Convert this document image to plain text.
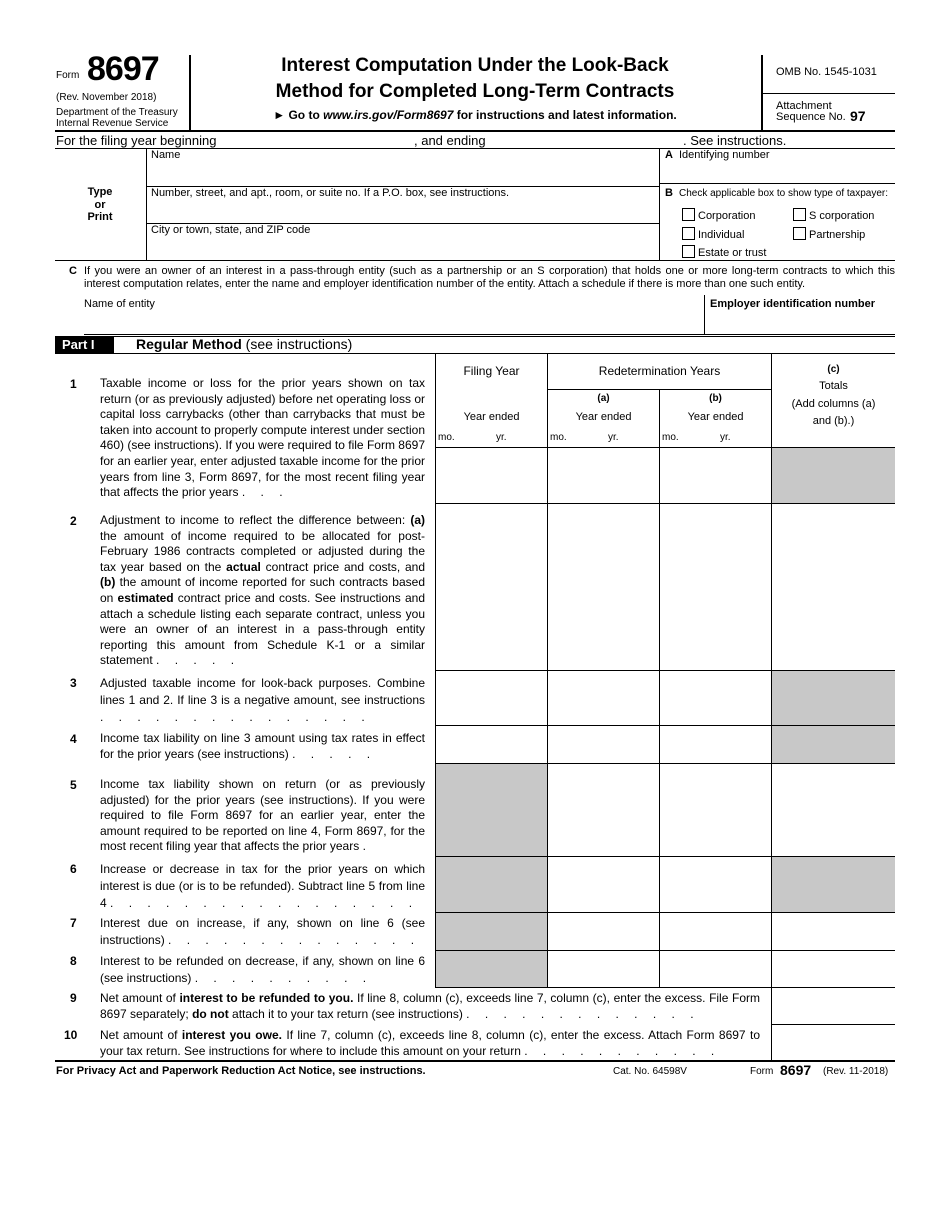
Form 8697
(Rev. November 2018)
Department of the Treasury
Internal Revenue Service
Interest Computation Under the Look-Back
Method for Completed Long-Term Contracts
► Go to www.irs.gov/Form8697 for instructions and latest information.
OMB No. 1545-1031
Attachment
Sequence No. 97
For the filing year beginning	, and ending	. See instructions.
Type
or
Print
Name
Number, street, and apt., room, or suite no. If a P.O. box, see instructions.
City or town, state, and ZIP code
A Identifying number
B Check applicable box to show type of taxpayer:
Corporation	S corporation
Individual	Partnership
Estate or trust
C If you were an owner of an interest in a pass-through entity (such as a partnership or an S corporation) that holds one or more long-term contracts to which this interest computation relates, enter the name and employer identification number of the entity. Attach a schedule if there is more than one such entity.
Name of entity	Employer identification number
Part I	Regular Method (see instructions)
Filing Year	Redetermination Years
(a)	(b)
(c)
Totals
(Add columns (a)
and (b).)
Year ended	Year ended	Year ended
mo.	yr.	mo.	yr.	mo.	yr.
1 Taxable income or loss for the prior years shown on tax return (or as previously adjusted) before net operating loss or capital loss carrybacks (other than carrybacks that must be taken into account to properly compute interest under section 460) (see instructions). If you were required to file Form 8697 for an earlier year, enter adjusted taxable income for the prior years from line 3, Form 8697, for the most recent filing year that affects the prior years . . .
2 Adjustment to income to reflect the difference between: (a) the amount of income required to be allocated for post-February 1986 contracts completed or adjusted during the tax year based on the actual contract price and costs, and (b) the amount of income reported for such contracts based on estimated contract price and costs. See instructions and attach a schedule listing each separate contract, unless you were an owner of an interest in a pass-through entity reporting this amount from Schedule K-1 or a similar statement . . . . .
3 Adjusted taxable income for look-back purposes. Combine lines 1 and 2. If line 3 is a negative amount, see instructions . . . . . . . . . . . . . . .
4 Income tax liability on line 3 amount using tax rates in effect for the prior years (see instructions) . . . . .
5 Income tax liability shown on return (or as previously adjusted) for the prior years (see instructions). If you were required to file Form 8697 for an earlier year, enter the amount required to be reported on line 4, Form 8697, for the most recent filing year that affects the prior years .
6 Increase or decrease in tax for the prior years on which interest is due (or is to be refunded). Subtract line 5 from line 4 . . . . . . . . . . . . . . . . .
7 Interest due on increase, if any, shown on line 6 (see instructions) . . . . . . . . . . . . . .
8 Interest to be refunded on decrease, if any, shown on line 6 (see instructions) . . . . . . . . . .
9 Net amount of interest to be refunded to you. If line 8, column (c), exceeds line 7, column (c), enter the excess. File Form 8697 separately; do not attach it to your tax return (see instructions) . . . . . . . . . . . . .
10 Net amount of interest you owe. If line 7, column (c), exceeds line 8, column (c), enter the excess. Attach Form 8697 to your tax return. See instructions for where to include this amount on your return . . . . . . . . . . .
For Privacy Act and Paperwork Reduction Act Notice, see instructions.	Cat. No. 64598V	Form 8697 (Rev. 11-2018)
